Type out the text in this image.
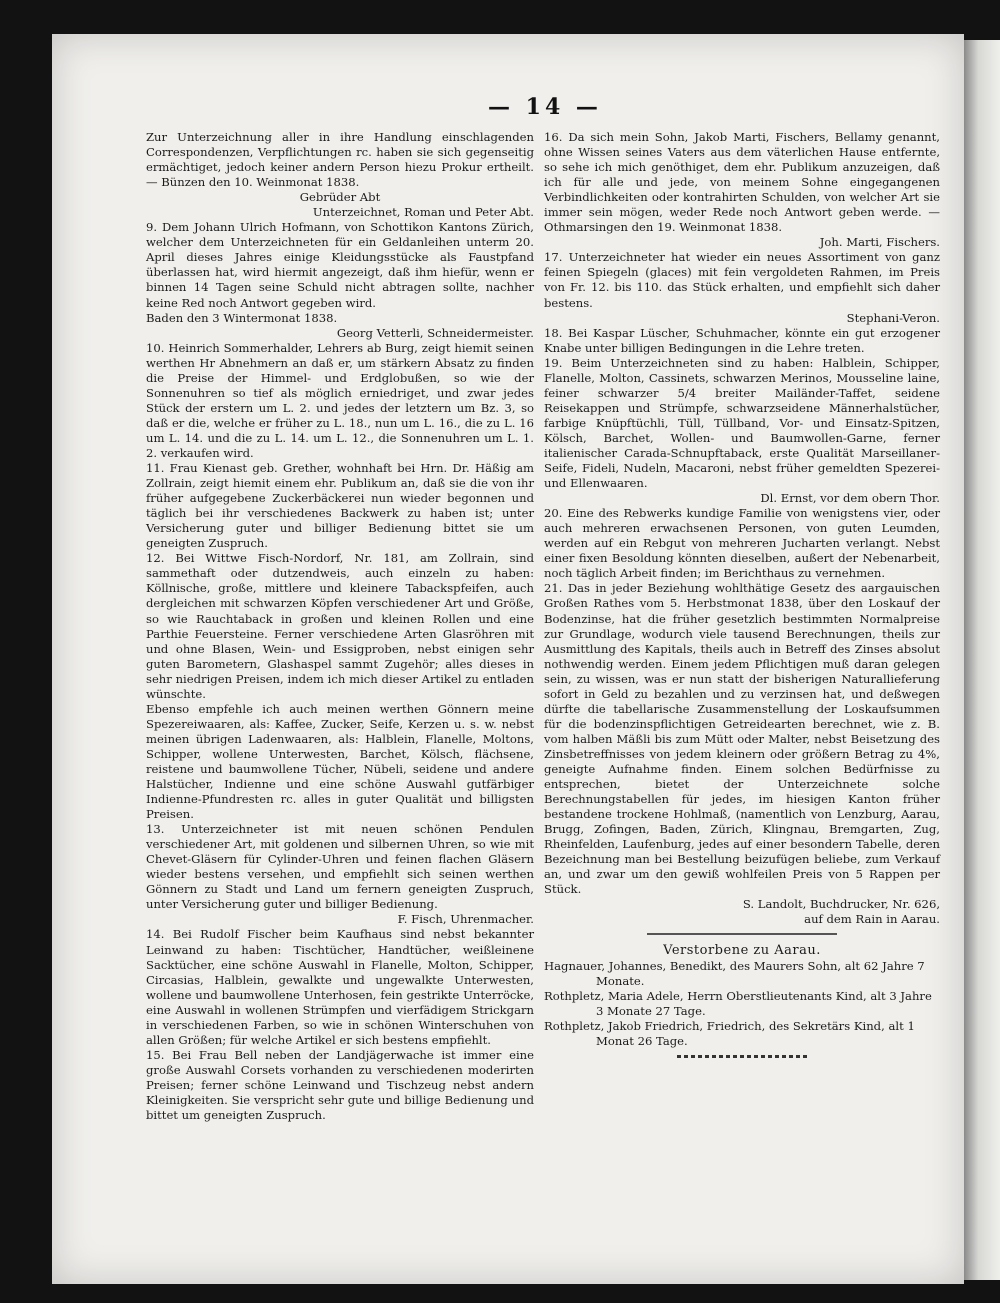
— 14 —

Zur Unterzeichnung aller in ihre Handlung einschlagenden Correspondenzen, Verpflichtungen rc. haben sie sich gegenseitig ermächtiget, jedoch keiner andern Person hiezu Prokur ertheilt. — Bünzen den 10. Weinmonat 1838.

Gebrüder Abt

Unterzeichnet, Roman und Peter Abt.

9. Dem Johann Ulrich Hofmann, von Schottikon Kantons Zürich, welcher dem Unterzeichneten für ein Geldanleihen unterm 20. April dieses Jahres einige Kleidungsstücke als Faustpfand überlassen hat, wird hiermit angezeigt, daß ihm hiefür, wenn er binnen 14 Tagen seine Schuld nicht abtragen sollte, nachher keine Red noch Antwort gegeben wird.

Baden den 3 Wintermonat 1838.

Georg Vetterli, Schneidermeister.

10. Heinrich Sommerhalder, Lehrers ab Burg, zeigt hiemit seinen werthen Hr Abnehmern an daß er, um stärkern Absatz zu finden die Preise der Himmel- und Erdglobußen, so wie der Sonnenuhren so tief als möglich erniedriget, und zwar jedes Stück der erstern um L. 2. und jedes der letztern um Bz. 3, so daß er die, welche er früher zu L. 18., nun um L. 16., die zu L. 16 um L. 14. und die zu L. 14. um L. 12., die Sonnenuhren um L. 1. 2. verkaufen wird.

11. Frau Kienast geb. Grether, wohnhaft bei Hrn. Dr. Häßig am Zollrain, zeigt hiemit einem ehr. Publikum an, daß sie die von ihr früher aufgegebene Zuckerbäckerei nun wieder begonnen und täglich bei ihr verschiedenes Backwerk zu haben ist; unter Versicherung guter und billiger Bedienung bittet sie um geneigten Zuspruch.

12. Bei Wittwe Fisch-Nordorf, Nr. 181, am Zollrain, sind sammethaft oder dutzendweis, auch einzeln zu haben: Köllnische, große, mittlere und kleinere Tabackspfeifen, auch dergleichen mit schwarzen Köpfen verschiedener Art und Größe, so wie Rauchtaback in großen und kleinen Rollen und eine Parthie Feuersteine. Ferner verschiedene Arten Glasröhren mit und ohne Blasen, Wein- und Essigproben, nebst einigen sehr guten Barometern, Glashaspel sammt Zugehör; alles dieses in sehr niedrigen Preisen, indem ich mich dieser Artikel zu entladen wünschte.

Ebenso empfehle ich auch meinen werthen Gönnern meine Spezereiwaaren, als: Kaffee, Zucker, Seife, Kerzen u. s. w. nebst meinen übrigen Ladenwaaren, als: Halblein, Flanelle, Moltons, Schipper, wollene Unterwesten, Barchet, Kölsch, flächsene, reistene und baumwollene Tücher, Nübeli, seidene und andere Halstücher, Indienne und eine schöne Auswahl gutfärbiger Indienne-Pfundresten rc. alles in guter Qualität und billigsten Preisen.

13. Unterzeichneter ist mit neuen schönen Pendulen verschiedener Art, mit goldenen und silbernen Uhren, so wie mit Chevet-Gläsern für Cylinder-Uhren und feinen flachen Gläsern wieder bestens versehen, und empfiehlt sich seinen werthen Gönnern zu Stadt und Land um fernern geneigten Zuspruch, unter Versicherung guter und billiger Bedienung.

F. Fisch, Uhrenmacher.

14. Bei Rudolf Fischer beim Kaufhaus sind nebst bekannter Leinwand zu haben: Tischtücher, Handtücher, weißleinene Sacktücher, eine schöne Auswahl in Flanelle, Molton, Schipper, Circasias, Halblein, gewalkte und ungewalkte Unterwesten, wollene und baumwollene Unterhosen, fein gestrikte Unterröcke, eine Auswahl in wollenen Strümpfen und vierfädigem Strickgarn in verschiedenen Farben, so wie in schönen Winterschuhen von allen Größen; für welche Artikel er sich bestens empfiehlt.

15. Bei Frau Bell neben der Landjägerwache ist immer eine große Auswahl Corsets vorhanden zu verschiedenen moderirten Preisen; ferner schöne Leinwand und Tischzeug nebst andern Kleinigkeiten. Sie verspricht sehr gute und billige Bedienung und bittet um geneigten Zuspruch.

16. Da sich mein Sohn, Jakob Marti, Fischers, Bellamy genannt, ohne Wissen seines Vaters aus dem väterlichen Hause entfernte, so sehe ich mich genöthiget, dem ehr. Publikum anzuzeigen, daß ich für alle und jede, von meinem Sohne eingegangenen Verbindlichkeiten oder kontrahirten Schulden, von welcher Art sie immer sein mögen, weder Rede noch Antwort geben werde. — Othmarsingen den 19. Weinmonat 1838.

Joh. Marti, Fischers.

17. Unterzeichneter hat wieder ein neues Assortiment von ganz feinen Spiegeln (glaces) mit fein vergoldeten Rahmen, im Preis von Fr. 12. bis 110. das Stück erhalten, und empfiehlt sich daher bestens.

Stephani-Veron.

18. Bei Kaspar Lüscher, Schuhmacher, könnte ein gut erzogener Knabe unter billigen Bedingungen in die Lehre treten.

19. Beim Unterzeichneten sind zu haben: Halblein, Schipper, Flanelle, Molton, Cassinets, schwarzen Merinos, Mousseline laine, feiner schwarzer 5/4 breiter Mailänder-Taffet, seidene Reisekappen und Strümpfe, schwarzseidene Männerhalstücher, farbige Knüpftüchli, Tüll, Tüllband, Vor- und Einsatz-Spitzen, Kölsch, Barchet, Wollen- und Baumwollen-Garne, ferner italienischer Carada-Schnupftaback, erste Qualität Marseillaner-Seife, Fideli, Nudeln, Macaroni, nebst früher gemeldten Spezerei- und Ellenwaaren.

Dl. Ernst, vor dem obern Thor.

20. Eine des Rebwerks kundige Familie von wenigstens vier, oder auch mehreren erwachsenen Personen, von guten Leumden, werden auf ein Rebgut von mehreren Jucharten verlangt. Nebst einer fixen Besoldung könnten dieselben, außert der Nebenarbeit, noch täglich Arbeit finden; im Berichthaus zu vernehmen.

21. Das in jeder Beziehung wohlthätige Gesetz des aargauischen Großen Rathes vom 5. Herbstmonat 1838, über den Loskauf der Bodenzinse, hat die früher gesetzlich bestimmten Normalpreise zur Grundlage, wodurch viele tausend Berechnungen, theils zur Ausmittlung des Kapitals, theils auch in Betreff des Zinses absolut nothwendig werden. Einem jedem Pflichtigen muß daran gelegen sein, zu wissen, was er nun statt der bisherigen Naturallieferung sofort in Geld zu bezahlen und zu verzinsen hat, und deßwegen dürfte die tabellarische Zusammenstellung der Loskaufsummen für die bodenzinspflichtigen Getreidearten berechnet, wie z. B. vom halben Mäßli bis zum Mütt oder Malter, nebst Beisetzung des Zinsbetreffnisses von jedem kleinern oder größern Betrag zu 4%, geneigte Aufnahme finden. Einem solchen Bedürfnisse zu entsprechen, bietet der Unterzeichnete solche Berechnungstabellen für jedes, im hiesigen Kanton früher bestandene trockene Hohlmaß, (namentlich von Lenzburg, Aarau, Brugg, Zofingen, Baden, Zürich, Klingnau, Bremgarten, Zug, Rheinfelden, Laufenburg, jedes auf einer besondern Tabelle, deren Bezeichnung man bei Bestellung beizufügen beliebe, zum Verkauf an, und zwar um den gewiß wohlfeilen Preis von 5 Rappen per Stück.

S. Landolt, Buchdrucker, Nr. 626,

auf dem Rain in Aarau.

Verstorbene zu Aarau.

Hagnauer, Johannes, Benedikt, des Maurers Sohn, alt 62 Jahre 7 Monate.

Rothpletz, Maria Adele, Herrn Oberstlieutenants Kind, alt 3 Jahre 3 Monate 27 Tage.

Rothpletz, Jakob Friedrich, Friedrich, des Sekretärs Kind, alt 1 Monat 26 Tage.
